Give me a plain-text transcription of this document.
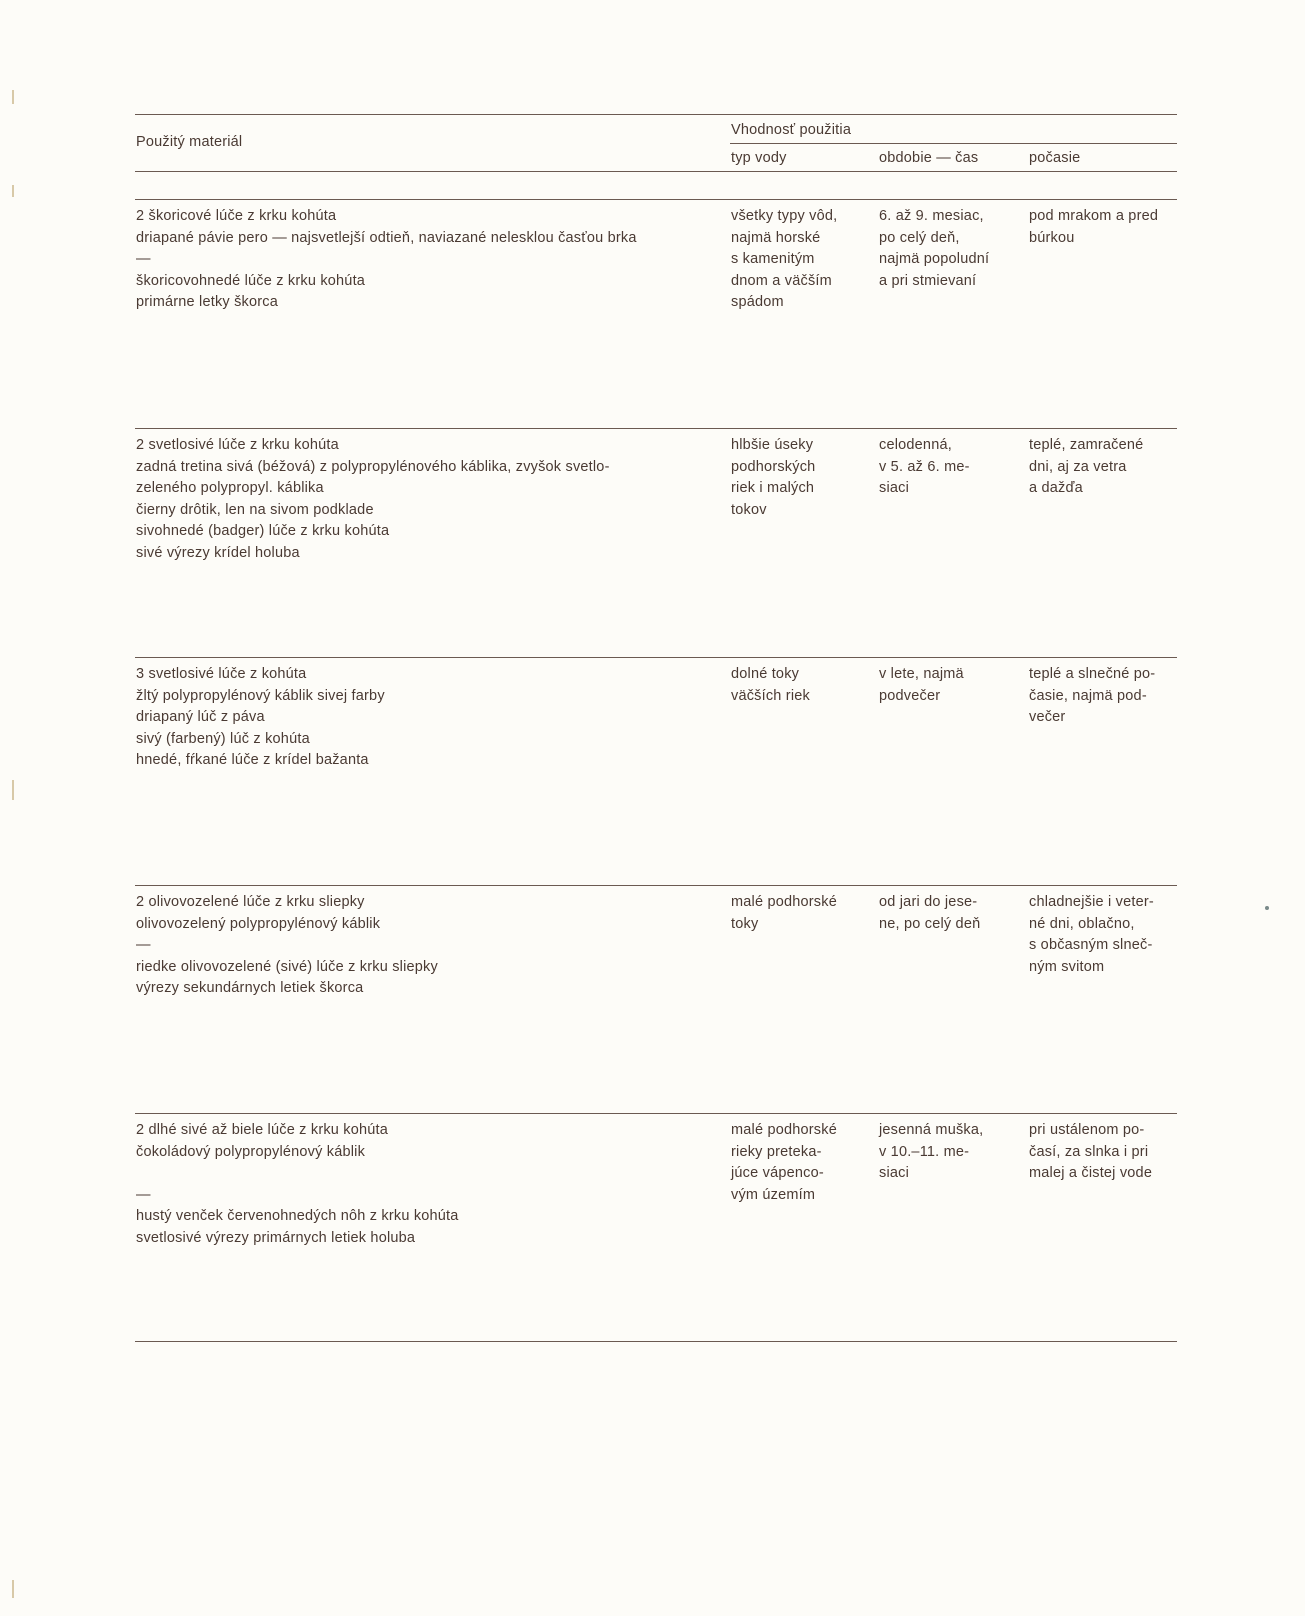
Použitý materiál
Vhodnosť použitia
typ vody	obdobie — čas	počasie
2 škoricové lúče z krku kohúta
driapané pávie pero — najsvetlejší odtieň, naviazané nelesklou časťou brka
—
škoricovohnedé lúče z krku kohúta
primárne letky škorca
všetky typy vôd,
najmä horské
s kamenitým
dnom a väčším
spádom
6. až 9. mesiac,
po celý deň,
najmä popoludní
a pri stmievaní
pod mrakom a pred
búrkou
2 svetlosivé lúče z krku kohúta
zadná tretina sivá (béžová) z polypropylénového káblika, zvyšok svetlo-
zeleného polypropyl. káblika
čierny drôtik, len na sivom podklade
sivohnedé (badger) lúče z krku kohúta
sivé výrezy krídel holuba
hlbšie úseky
podhorských
riek i malých
tokov
celodenná,
v 5. až 6. me-
siaci
teplé, zamračené
dni, aj za vetra
a dažďa
3 svetlosivé lúče z kohúta
žltý polypropylénový káblik sivej farby
driapaný lúč z páva
sivý (farbený) lúč z kohúta
hnedé, fŕkané lúče z krídel bažanta
dolné toky
väčších riek
v lete, najmä
podvečer
teplé a slnečné po-
časie, najmä pod-
večer
2 olivovozelené lúče z krku sliepky
olivovozelený polypropylénový káblik
—
riedke olivovozelené (sivé) lúče z krku sliepky
výrezy sekundárnych letiek škorca
malé podhorské
toky
od jari do jese-
ne, po celý deň
chladnejšie i veter-
né dni, oblačno,
s občasným slneč-
ným svitom
2 dlhé sivé až biele lúče z krku kohúta
čokoládový polypropylénový káblik

—
hustý venček červenohnedých nôh z krku kohúta
svetlosivé výrezy primárnych letiek holuba
malé podhorské
rieky preteka-
júce vápenco-
vým územím
jesenná muška,
v 10.–11. me-
siaci
pri ustálenom po-
časí, za slnka i pri
malej a čistej vode
